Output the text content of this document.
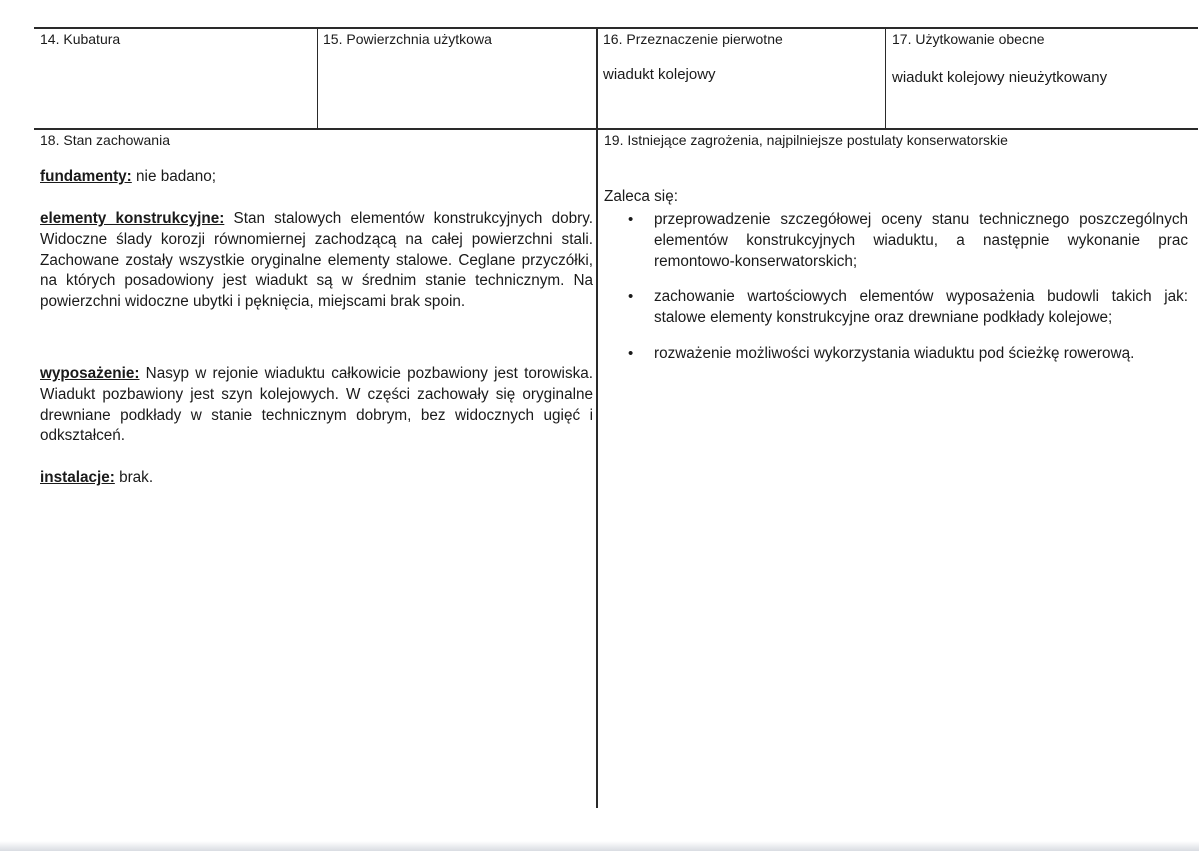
14. Kubatura	15. Powierzchnia użytkowa	16. Przeznaczenie pierwotne
wiadukt kolejowy
17. Użytkowanie obecne
wiadukt kolejowy nieużytkowany
18. Stan zachowania
fundamenty: nie badano;
elementy konstrukcyjne: Stan stalowych elementów konstrukcyjnych dobry. Widoczne ślady korozji równomiernej zachodzącą na całej powierzchni stali. Zachowane zostały wszystkie oryginalne elementy stalowe. Ceglane przyczółki, na których posadowiony jest wiadukt są w średnim stanie technicznym. Na powierzchni widoczne ubytki i pęknięcia, miejscami brak spoin.
wyposażenie: Nasyp w rejonie wiaduktu całkowicie pozbawiony jest torowiska. Wiadukt pozbawiony jest szyn kolejowych. W części zachowały się oryginalne drewniane podkłady w stanie technicznym dobrym, bez widocznych ugięć i odkształceń.
instalacje: brak.
19. Istniejące zagrożenia, najpilniejsze postulaty konserwatorskie
Zaleca się:
• przeprowadzenie szczegółowej oceny stanu technicznego poszczególnych elementów konstrukcyjnych wiaduktu, a następnie wykonanie prac remontowo-konserwatorskich;
• zachowanie wartościowych elementów wyposażenia budowli takich jak: stalowe elementy konstrukcyjne oraz drewniane podkłady kolejowe;
• rozważenie możliwości wykorzystania wiaduktu pod ścieżkę rowerową.
